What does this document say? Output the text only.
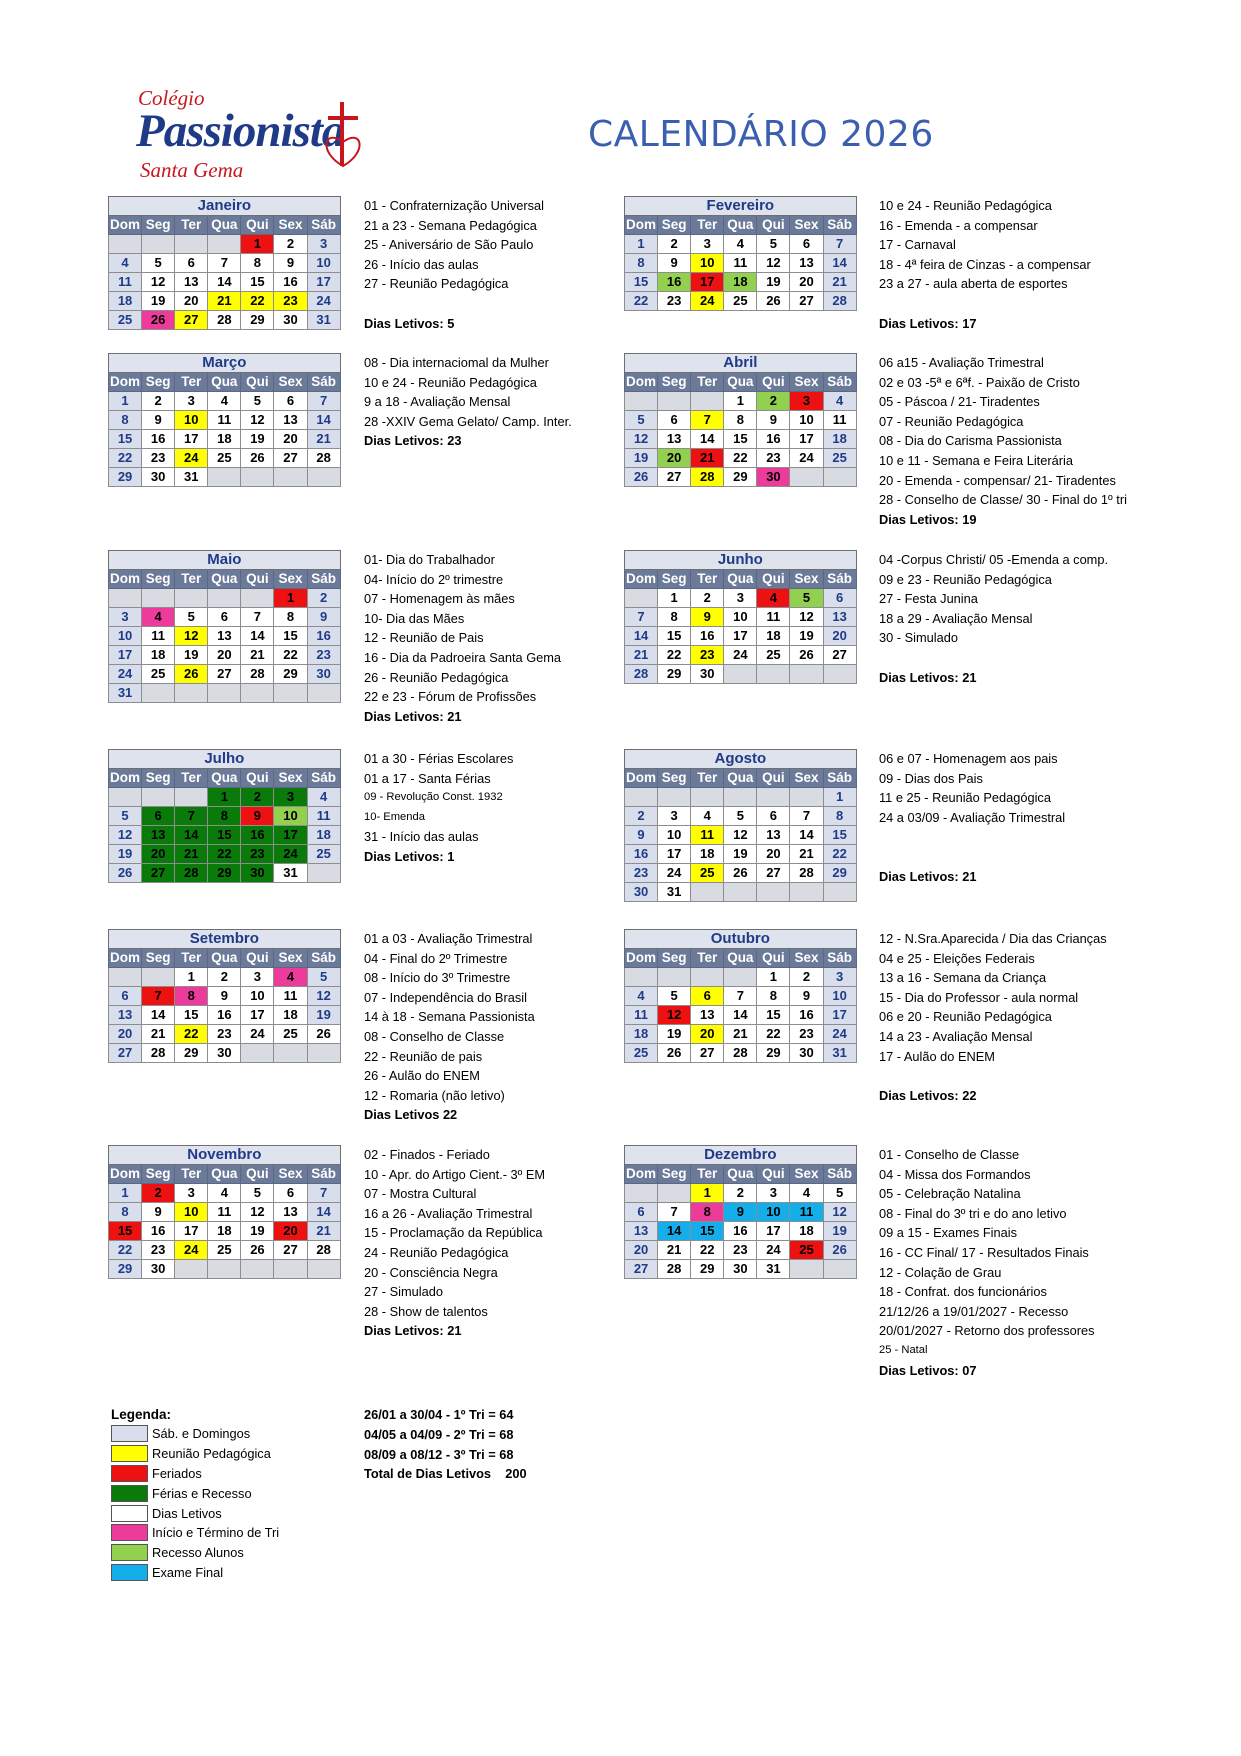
Colégio
Passionista
Santa Gema
CALENDÁRIO 2026
Janeiro						
Dom	Seg	Ter	Qua	Qui	Sex	Sáb
				1	2	3
4	5	6	7	8	9	10
11	12	13	14	15	16	17
18	19	20	21	22	23	24
25	26	27	28	29	30	31
01 - Confraternização Universal
21 a 23 - Semana Pedagógica
25 - Aniversário de São Paulo
26 - Início das aulas
27 - Reunião Pedagógica
Dias Letivos: 5
Fevereiro						
Dom	Seg	Ter	Qua	Qui	Sex	Sáb
1	2	3	4	5	6	7
8	9	10	11	12	13	14
15	16	17	18	19	20	21
22	23	24	25	26	27	28
10 e 24 - Reunião Pedagógica
16 - Emenda - a compensar
17 - Carnaval
18 - 4ª feira de Cinzas - a compensar
23 a 27 - aula aberta de esportes
Dias Letivos: 17
Março						
Dom	Seg	Ter	Qua	Qui	Sex	Sáb
1	2	3	4	5	6	7
8	9	10	11	12	13	14
15	16	17	18	19	20	21
22	23	24	25	26	27	28
29	30	31				
08 - Dia internaciomal da Mulher
10 e 24 - Reunião Pedagógica
9 a 18 - Avaliação Mensal
28 -XXIV Gema Gelato/ Camp. Inter.
Dias Letivos: 23
Abril						
Dom	Seg	Ter	Qua	Qui	Sex	Sáb
			1	2	3	4
5	6	7	8	9	10	11
12	13	14	15	16	17	18
19	20	21	22	23	24	25
26	27	28	29	30		
06 a15 - Avaliação Trimestral
02 e 03 -5ª e 6ªf. - Paixão de Cristo
05 - Páscoa / 21- Tiradentes
07 - Reunião Pedagógica
08 - Dia do Carisma Passionista
10 e 11 - Semana e Feira Literária
20 - Emenda - compensar/ 21- Tiradentes
28 - Conselho de Classe/ 30 - Final do 1º tri
Dias Letivos: 19
Maio						
Dom	Seg	Ter	Qua	Qui	Sex	Sáb
					1	2
3	4	5	6	7	8	9
10	11	12	13	14	15	16
17	18	19	20	21	22	23
24	25	26	27	28	29	30
31						
01- Dia do Trabalhador
04- Início do 2º trimestre
07 - Homenagem às mães
10- Dia das Mães
12 - Reunião de Pais
16 - Dia da Padroeira Santa Gema
26 - Reunião Pedagógica
22 e 23 - Fórum de Profissões
Dias Letivos: 21
Junho						
Dom	Seg	Ter	Qua	Qui	Sex	Sáb
	1	2	3	4	5	6
7	8	9	10	11	12	13
14	15	16	17	18	19	20
21	22	23	24	25	26	27
28	29	30				
04 -Corpus Christi/ 05 -Emenda a comp.
09 e 23 - Reunião Pedagógica
27 - Festa Junina
18 a 29 - Avaliação Mensal
30 - Simulado
Dias Letivos: 21
Julho						
Dom	Seg	Ter	Qua	Qui	Sex	Sáb
			1	2	3	4
5	6	7	8	9	10	11
12	13	14	15	16	17	18
19	20	21	22	23	24	25
26	27	28	29	30	31	
01 a 30 - Férias Escolares
01 a 17 - Santa Férias
09 - Revolução Const. 1932
10- Emenda
31 - Início das aulas
Dias Letivos: 1
Agosto						
Dom	Seg	Ter	Qua	Qui	Sex	Sáb
						1
2	3	4	5	6	7	8
9	10	11	12	13	14	15
16	17	18	19	20	21	22
23	24	25	26	27	28	29
30	31					
06 e 07 - Homenagem aos pais
09 - Dias dos Pais
11 e 25 - Reunião Pedagógica
24 a 03/09 - Avaliação Trimestral
Dias Letivos: 21
Setembro						
Dom	Seg	Ter	Qua	Qui	Sex	Sáb
		1	2	3	4	5
6	7	8	9	10	11	12
13	14	15	16	17	18	19
20	21	22	23	24	25	26
27	28	29	30			
01 a 03 - Avaliação Trimestral
04 - Final do 2º Trimestre
08 - Início do 3º Trimestre
07 - Independência do Brasil
14 à 18 - Semana Passionista
08 - Conselho de Classe
22 - Reunião de pais
26 - Aulão do ENEM
12 - Romaria (não letivo)
Dias Letivos 22
Outubro						
Dom	Seg	Ter	Qua	Qui	Sex	Sáb
				1	2	3
4	5	6	7	8	9	10
11	12	13	14	15	16	17
18	19	20	21	22	23	24
25	26	27	28	29	30	31
12 - N.Sra.Aparecida / Dia das Crianças
04 e 25 - Eleições Federais
13 a 16 - Semana da Criança
15 - Dia do Professor - aula normal
06 e 20 - Reunião Pedagógica
14 a 23 - Avaliação Mensal
17 - Aulão do ENEM
Dias Letivos: 22
Novembro						
Dom	Seg	Ter	Qua	Qui	Sex	Sáb
1	2	3	4	5	6	7
8	9	10	11	12	13	14
15	16	17	18	19	20	21
22	23	24	25	26	27	28
29	30					
02 - Finados - Feriado
10 - Apr. do Artigo Cient.- 3º EM
07 - Mostra Cultural
16 a 26 - Avaliação Trimestral
15 - Proclamação da República
24 - Reunião Pedagógica
20 - Consciência Negra
27 - Simulado
28 - Show de talentos
Dias Letivos: 21
Dezembro						
Dom	Seg	Ter	Qua	Qui	Sex	Sáb
		1	2	3	4	5
6	7	8	9	10	11	12
13	14	15	16	17	18	19
20	21	22	23	24	25	26
27	28	29	30	31		
01 - Conselho de Classe
04 - Missa dos Formandos
05 - Celebração Natalina
08 - Final do 3º tri e do ano letivo
09 a 15 - Exames Finais
16 - CC Final/ 17 - Resultados Finais
12 - Colação de Grau
18 - Confrat. dos funcionários
21/12/26 a 19/01/2027 - Recesso
20/01/2027 - Retorno dos professores
25 - Natal
Dias Letivos: 07
Legenda:
Sáb. e Domingos
Reunião Pedagógica
Feriados
Férias e Recesso
Dias Letivos
Início e Término de Tri
Recesso Alunos
Exame Final
26/01 a 30/04 - 1º Tri = 64
04/05 a 04/09 - 2º Tri = 68
08/09 a 08/12 - 3º Tri = 68
Total de Dias Letivos    200
